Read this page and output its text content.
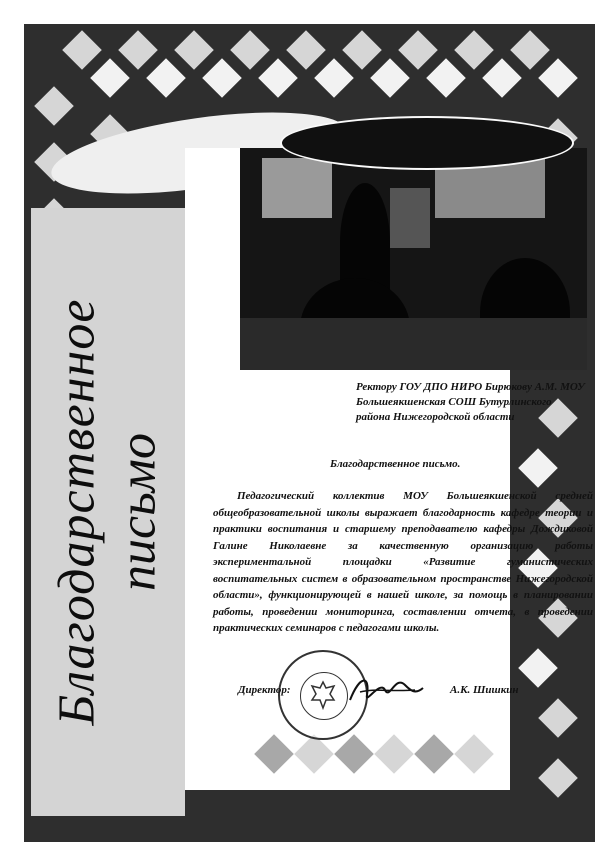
Благодарственное письмо
Ректору ГОУ ДПО НИРО Бирюкову А.М. МОУ Большеякшенская СОШ Бутурлинского района Нижегородской области
Благодарственное письмо.
Педагогический коллектив МОУ Большеякшенской средней общеобразовательной школы выражает благодарность кафедре теории и практики воспитания и старшему преподавателю кафедры Дождиковой Галине Николаевне за качественную организацию работы экспериментальной площадки «Развитие гуманистических воспитательных систем в образовательном пространстве Нижегородской области», функционирующей в нашей школе, за помощь в планировании работы, проведении мониторинга, составлении отчета, в проведении практических семинаров с педагогами школы.
Директор:	А.К. Шишкин
